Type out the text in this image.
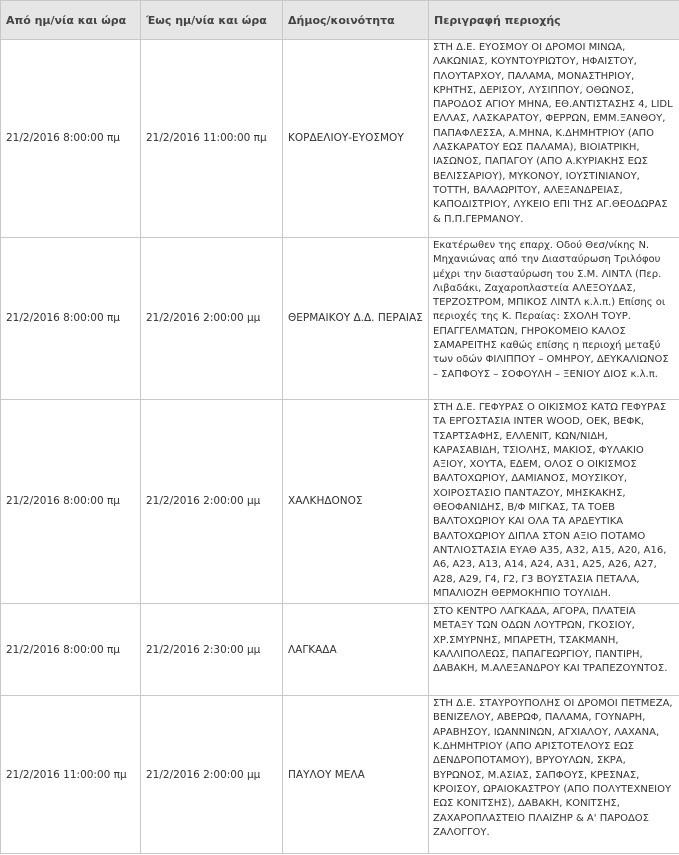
Από ημ/νία και ώρα	Έως ημ/νία και ώρα	Δήμος/κοινότητα	Περιγραφή περιοχής
21/2/2016 8:00:00 πμ	21/2/2016 11:00:00 πμ	ΚΟΡΔΕΛΙΟΥ-ΕΥΟΣΜΟΥ	ΣΤΗ Δ.Ε. ΕΥΟΣΜΟΥ ΟΙ ΔΡΟΜΟΙ ΜΙΝΩΑ, ΛΑΚΩΝΙΑΣ, ΚΟΥΝΤΟΥΡΙΩΤΟΥ, ΗΦΑΙΣΤΟΥ, ΠΛΟΥΤΑΡΧΟΥ, ΠΑΛΑΜΑ, ΜΟΝΑΣΤΗΡΙΟΥ, ΚΡΗΤΗΣ, ΔΕΡΙΣΟΥ, ΛΥΣΙΠΠΟΥ, ΟΘΩΝΟΣ, ΠΑΡΟΔΟΣ ΑΓΙΟΥ ΜΗΝΑ, ΕΘ.ΑΝΤΙΣΤΑΣΗΣ 4, LIDL ΕΛΛΑΣ, ΛΑΣΚΑΡΑΤΟΥ, ΦΕΡΡΩΝ, ΕΜΜ.ΞΑΝΘΟΥ, ΠΑΠΑΦΛΕΣΣΑ, Α.ΜΗΝΑ, Κ.ΔΗΜΗΤΡΙΟΥ (ΑΠΟ ΛΑΣΚΑΡΑΤΟΥ ΕΩΣ ΠΑΛΑΜΑ), ΒΙΟΙΑΤΡΙΚΗ, ΙΑΣΩΝΟΣ, ΠΑΠΑΓΟΥ (ΑΠΟ Α.ΚΥΡΙΑΚΗΣ ΕΩΣ ΒΕΛΙΣΣΑΡΙΟΥ), ΜΥΚΟΝΟΥ, ΙΟΥΣΤΙΝΙΑΝΟΥ, ΤΟΤΤΗ, ΒΑΛΑΩΡΙΤΟΥ, ΑΛΕΞΑΝΔΡΕΙΑΣ, ΚΑΠΟΔΙΣΤΡΙΟΥ, ΛΥΚΕΙΟ ΕΠΙ ΤΗΣ ΑΓ.ΘΕΟΔΩΡΑΣ & Π.Π.ΓΕΡΜΑΝΟΥ.
21/2/2016 8:00:00 πμ	21/2/2016 2:00:00 μμ	ΘΕΡΜΑΙΚΟΥ Δ.Δ. ΠΕΡΑΙΑΣ	Εκατέρωθεν της επαρχ. Οδού Θεσ/νίκης Ν. Μηχανιώνας από την Διασταύρωση Τριλόφου μέχρι την διασταύρωση του Σ.Μ. ΛΙΝΤΛ (Περ. Λιβαδάκι, Ζαχαροπλαστεία ΑΛΕΞΟΥΔΑΣ, ΤΕΡΖΟΣΤΡΟΜ, ΜΠΙΚΟΣ ΛΙΝΤΛ κ.λ.π.) Επίσης οι περιοχές της Κ. Περαίας: ΣΧΟΛΗ ΤΟΥΡ. ΕΠΑΓΓΕΛΜΑΤΩΝ, ΓΗΡΟΚΟΜΕΙΟ ΚΑΛΟΣ ΣΑΜΑΡΕΙΤΗΣ καθώς επίσης η περιοχή μεταξύ των οδών ΦΙΛΙΠΠΟΥ – ΟΜΗΡΟΥ, ΔΕΥΚΑΛΙΩΝΟΣ – ΣΑΠΦΟΥΣ – ΣΟΦΟΥΛΗ – ΞΕΝΙΟΥ ΔΙΟΣ κ.λ.π.
21/2/2016 8:00:00 πμ	21/2/2016 2:00:00 μμ	ΧΑΛΚΗΔΟΝΟΣ	ΣΤΗ Δ.Ε. ΓΕΦΥΡΑΣ Ο ΟΙΚΙΣΜΟΣ ΚΑΤΩ ΓΕΦΥΡΑΣ ΤΑ ΕΡΓΟΣΤΑΣΙΑ INTER WOOD, ΟΕΚ, ΒΕΦΚ, ΤΣΑΡΤΣΑΦΗΣ, ΕΛΛΕΝΙΤ, ΚΩΝ/ΝΙΔΗ, ΚΑΡΑΣΑΒΙΔΗ, ΤΣΙΟΛΗΣ, ΜΑΚΙΟΣ, ΦΥΛΑΚΙΟ ΑΞΙΟΥ, ΧΟΥΤΑ, ΕΔΕΜ, ΟΛΟΣ Ο ΟΙΚΙΣΜΟΣ ΒΑΛΤΟΧΩΡΙΟΥ, ΔΑΜΙΑΝΟΣ, ΜΟΥΣΙΚΟΥ, ΧΟΙΡΟΣΤΑΣΙΟ ΠΑΝΤΑΖΟΥ, ΜΗΣΚΑΚΗΣ, ΘΕΟΦΑΝΙΔΗΣ, Β/Φ ΜΙΓΚΑΣ, ΤΑ ΤΟΕΒ ΒΑΛΤΟΧΩΡΙΟΥ ΚΑΙ ΟΛΑ ΤΑ ΑΡΔΕΥΤΙΚΑ ΒΑΛΤΟΧΩΡΙΟΥ ΔΙΠΛΑ ΣΤΟΝ ΑΞΙΟ ΠΟΤΑΜΟ ΑΝΤΛΙΟΣΤΑΣΙΑ ΕΥΑΘ Α35, Α32, Α15, Α20, Α16, Α6, Α23, Α13, Α14, Α24, Α31, Α25, Α26, Α27, Α28, Α29, Γ4, Γ2, Γ3 ΒΟΥΣΤΑΣΙΑ ΠΕΤΑΛΑ, ΜΠΑΛΙΟΖΗ ΘΕΡΜΟΚΗΠΙΟ ΤΟΥΛΙΔΗ.
21/2/2016 8:00:00 πμ	21/2/2016 2:30:00 μμ	ΛΑΓΚΑΔΑ	ΣΤΟ ΚΕΝΤΡΟ ΛΑΓΚΑΔΑ, ΑΓΟΡΑ, ΠΛΑΤΕΙΑ ΜΕΤΑΞΥ ΤΩΝ ΟΔΩΝ ΛΟΥΤΡΩΝ, ΓΚΟΣΙΟΥ, ΧΡ.ΣΜΥΡΝΗΣ, ΜΠΑΡΕΤΗ, ΤΣΑΚΜΑΝΗ, ΚΑΛΛΙΠΟΛΕΩΣ, ΠΑΠΑΓΕΩΡΓΙΟΥ, ΠΑΝΤΙΡΗ, ΔΑΒΑΚΗ, Μ.ΑΛΕΞΑΝΔΡΟΥ ΚΑΙ ΤΡΑΠΕΖΟΥΝΤΟΣ.
21/2/2016 11:00:00 πμ	21/2/2016 2:00:00 μμ	ΠΑΥΛΟΥ ΜΕΛΑ	ΣΤΗ Δ.Ε. ΣΤΑΥΡΟΥΠΟΛΗΣ ΟΙ ΔΡΟΜΟΙ ΠΕΤΜΕΖΑ, ΒΕΝΙΖΕΛΟΥ, ΑΒΕΡΩΦ, ΠΑΛΑΜΑ, ΓΟΥΝΑΡΗ, ΑΡΑΒΗΣΟΥ, ΙΩΑΝΝΙΝΩΝ, ΑΓΧΙΑΛΟΥ, ΛΑΧΑΝΑ, Κ.ΔΗΜΗΤΡΙΟΥ (ΑΠΟ ΑΡΙΣΤΟΤΕΛΟΥΣ ΕΩΣ ΔΕΝΔΡΟΠΟΤΑΜΟΥ), ΒΡΥΟΥΛΩΝ, ΣΚΡΑ, ΒΥΡΩΝΟΣ, Μ.ΑΣΙΑΣ, ΣΑΠΦΟΥΣ, ΚΡΕΣΝΑΣ, ΚΡΟΙΣΟΥ, ΩΡΑΙΟΚΑΣΤΡΟΥ (ΑΠΟ ΠΟΛΥΤΕΧΝΕΙΟΥ ΕΩΣ ΚΟΝΙΤΣΗΣ), ΔΑΒΑΚΗ, ΚΟΝΙΤΣΗΣ, ΖΑΧΑΡΟΠΛΑΣΤΕΙΟ ΠΛΑΙΖΗΡ & Α' ΠΑΡΟΔΟΣ ΖΑΛΟΓΓΟΥ.
